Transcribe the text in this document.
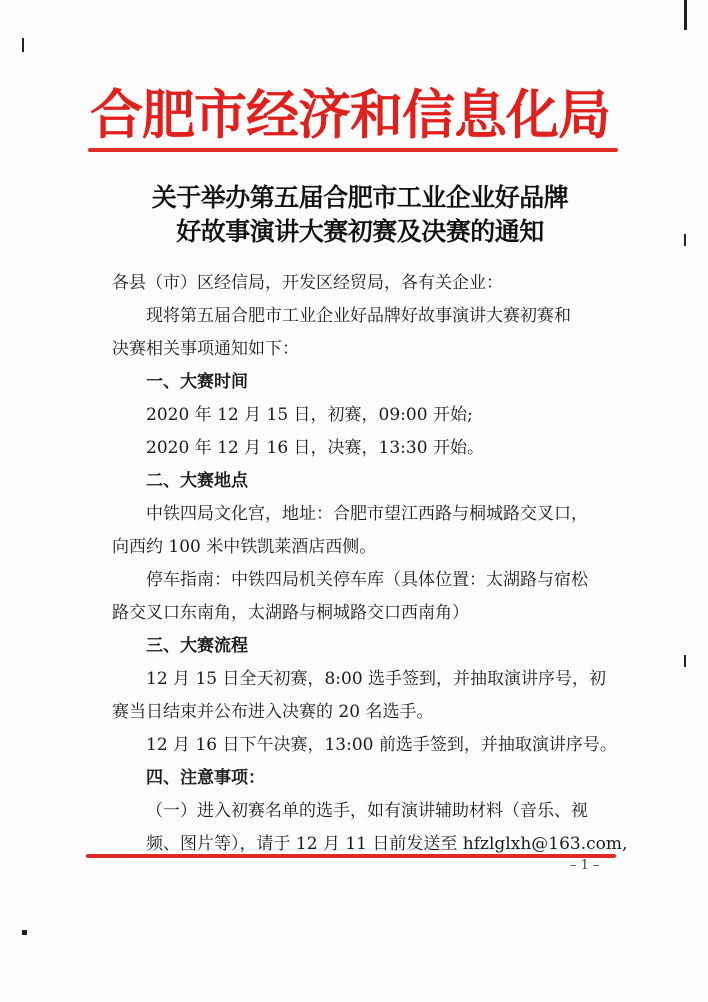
合肥市经济和信息化局
关于举办第五届合肥市工业企业好品牌
好故事演讲大赛初赛及决赛的通知
各县（市）区经信局，开发区经贸局，各有关企业：
现将第五届合肥市工业企业好品牌好故事演讲大赛初赛和
决赛相关事项通知如下：
一、大赛时间
2020 年 12 月 15 日，初赛，09:00 开始;
2020 年 12 月 16 日，决赛，13:30 开始。
二、大赛地点
中铁四局文化宫，地址：合肥市望江西路与桐城路交叉口，
向西约 100 米中铁凯莱酒店西侧。
停车指南：中铁四局机关停车库（具体位置：太湖路与宿松
路交叉口东南角，太湖路与桐城路交口西南角）
三、大赛流程
12 月 15 日全天初赛，8:00 选手签到，并抽取演讲序号，初
赛当日结束并公布进入决赛的 20 名选手。
12 月 16 日下午决赛，13:00 前选手签到，并抽取演讲序号。
四、注意事项：
（一）进入初赛名单的选手，如有演讲辅助材料（音乐、视
频、图片等），请于 12 月 11 日前发送至 hfzlglxh@163.com,
– 1 –
